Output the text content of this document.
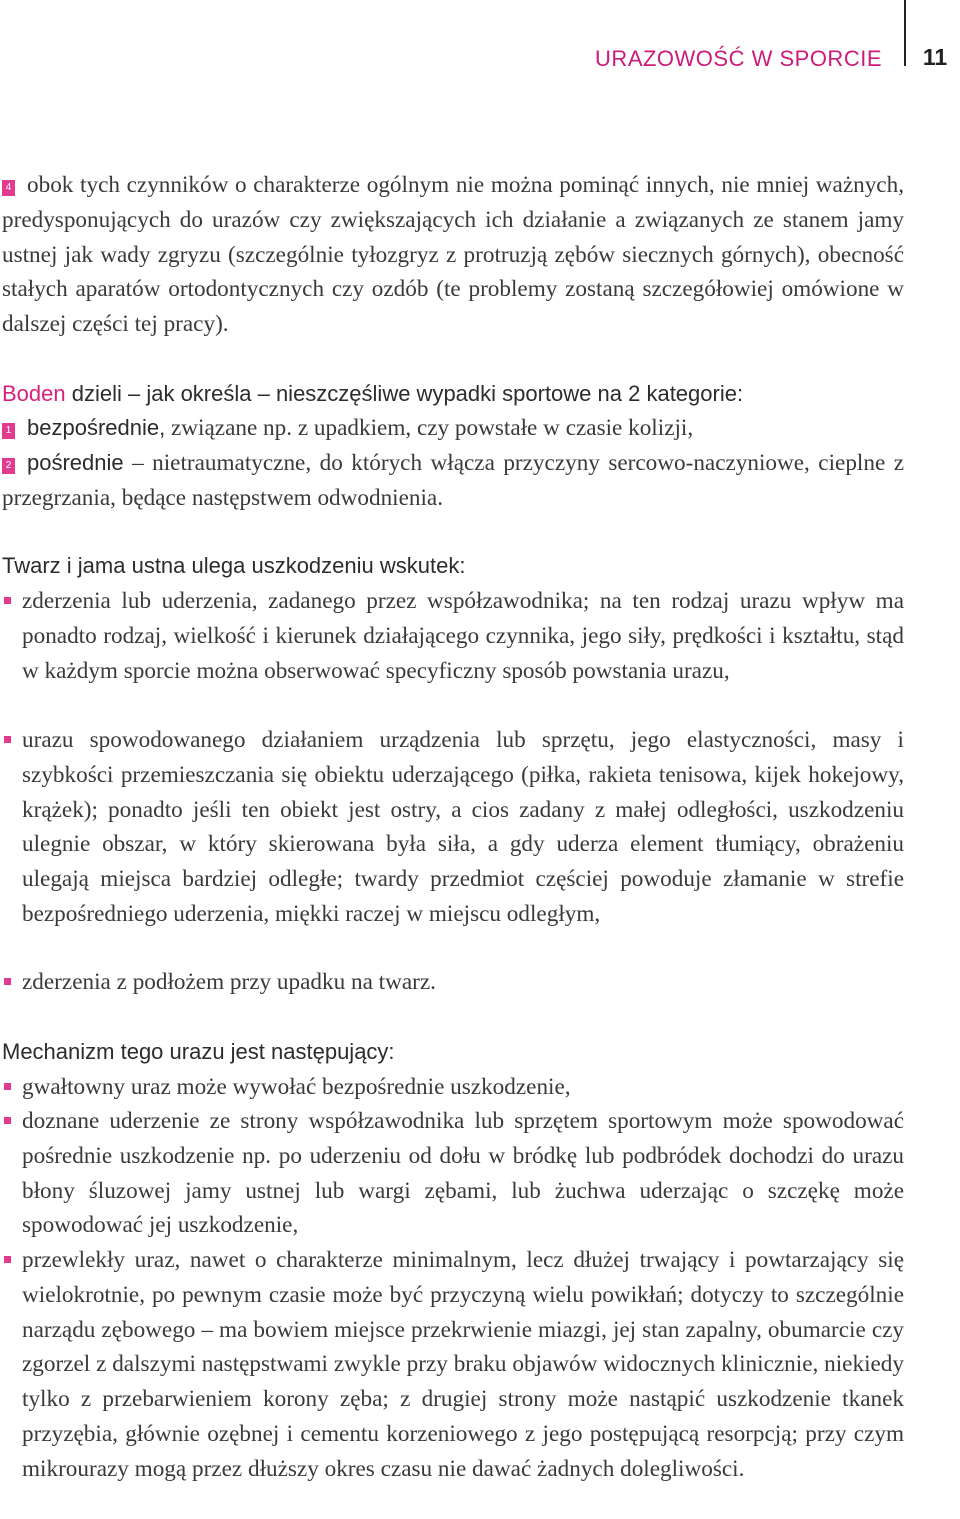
URAZOWOŚĆ W SPORCIE	11
4 obok tych czynników o charakterze ogólnym nie można pominąć innych, nie mniej ważnych, predysponujących do urazów czy zwiększających ich działanie a związanych ze stanem jamy ustnej jak wady zgryzu (szczególnie tyłozgryz z protruzją zębów siecznych górnych), obecność stałych aparatów ortodontycznych czy ozdób (te problemy zostaną szczegółowiej omówione w dalszej części tej pracy).
Boden dzieli – jak określa – nieszczęśliwe wypadki sportowe na 2 kategorie:
1 bezpośrednie, związane np. z upadkiem, czy powstałe w czasie kolizji,
2 pośrednie – nietraumatyczne, do których włącza przyczyny sercowo-naczyniowe, cieplne z przegrzania, będące następstwem odwodnienia.
Twarz i jama ustna ulega uszkodzeniu wskutek:
zderzenia lub uderzenia, zadanego przez współzawodnika; na ten rodzaj urazu wpływ ma ponadto rodzaj, wielkość i kierunek działającego czynnika, jego siły, prędkości i kształtu, stąd w każdym sporcie można obserwować specyficzny sposób powstania urazu,
urazu spowodowanego działaniem urządzenia lub sprzętu, jego elastyczności, masy i szybkości przemieszczania się obiektu uderzającego (piłka, rakieta tenisowa, kijek hokejowy, krążek); ponadto jeśli ten obiekt jest ostry, a cios zadany z małej odległości, uszkodzeniu ulegnie obszar, w który skierowana była siła, a gdy uderza element tłumiący, obrażeniu ulegają miejsca bardziej odległe; twardy przedmiot częściej powoduje złamanie w strefie bezpośredniego uderzenia, miękki raczej w miejscu odległym,
zderzenia z podłożem przy upadku na twarz.
Mechanizm tego urazu jest następujący:
gwałtowny uraz może wywołać bezpośrednie uszkodzenie,
doznane uderzenie ze strony współzawodnika lub sprzętem sportowym może spowodować pośrednie uszkodzenie np. po uderzeniu od dołu w bródkę lub podbródek dochodzi do urazu błony śluzowej jamy ustnej lub wargi zębami, lub żuchwa uderzając o szczękę może spowodować jej uszkodzenie,
przewlekły uraz, nawet o charakterze minimalnym, lecz dłużej trwający i powtarzający się wielokrotnie, po pewnym czasie może być przyczyną wielu powikłań; dotyczy to szczególnie narządu zębowego – ma bowiem miejsce przekrwienie miazgi, jej stan zapalny, obumarcie czy zgorzel z dalszymi następstwami zwykle przy braku objawów widocznych klinicznie, niekiedy tylko z przebarwieniem korony zęba; z drugiej strony może nastąpić uszkodzenie tkanek przyzębia, głównie ozębnej i cementu korzeniowego z jego postępującą resorpcją; przy czym mikrourazy mogą przez dłuższy okres czasu nie dawać żadnych dolegliwości.
